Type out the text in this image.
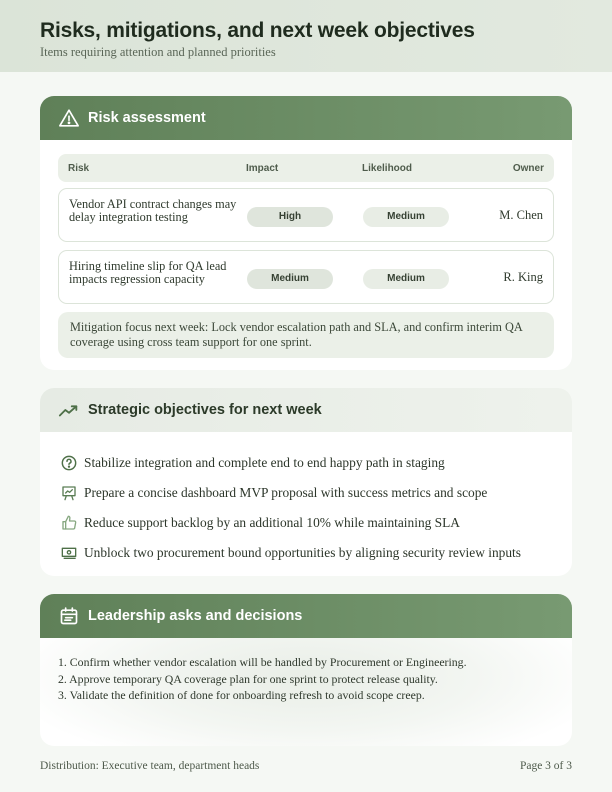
Risks, mitigations, and next week objectives
Items requiring attention and planned priorities
Risk assessment
Risk	Impact	Likelihood	Owner
Vendor API contract changes may delay integration testing	High	Medium	M. Chen
Hiring timeline slip for QA lead impacts regression capacity	Medium	Medium	R. King
Mitigation focus next week: Lock vendor escalation path and SLA, and confirm interim QA coverage using cross team support for one sprint.
Strategic objectives for next week
Stabilize integration and complete end to end happy path in staging
Prepare a concise dashboard MVP proposal with success metrics and scope
Reduce support backlog by an additional 10% while maintaining SLA
Unblock two procurement bound opportunities by aligning security review inputs
Leadership asks and decisions
1. Confirm whether vendor escalation will be handled by Procurement or Engineering.
2. Approve temporary QA coverage plan for one sprint to protect release quality.
3. Validate the definition of done for onboarding refresh to avoid scope creep.
Distribution: Executive team, department heads	Page 3 of 3
